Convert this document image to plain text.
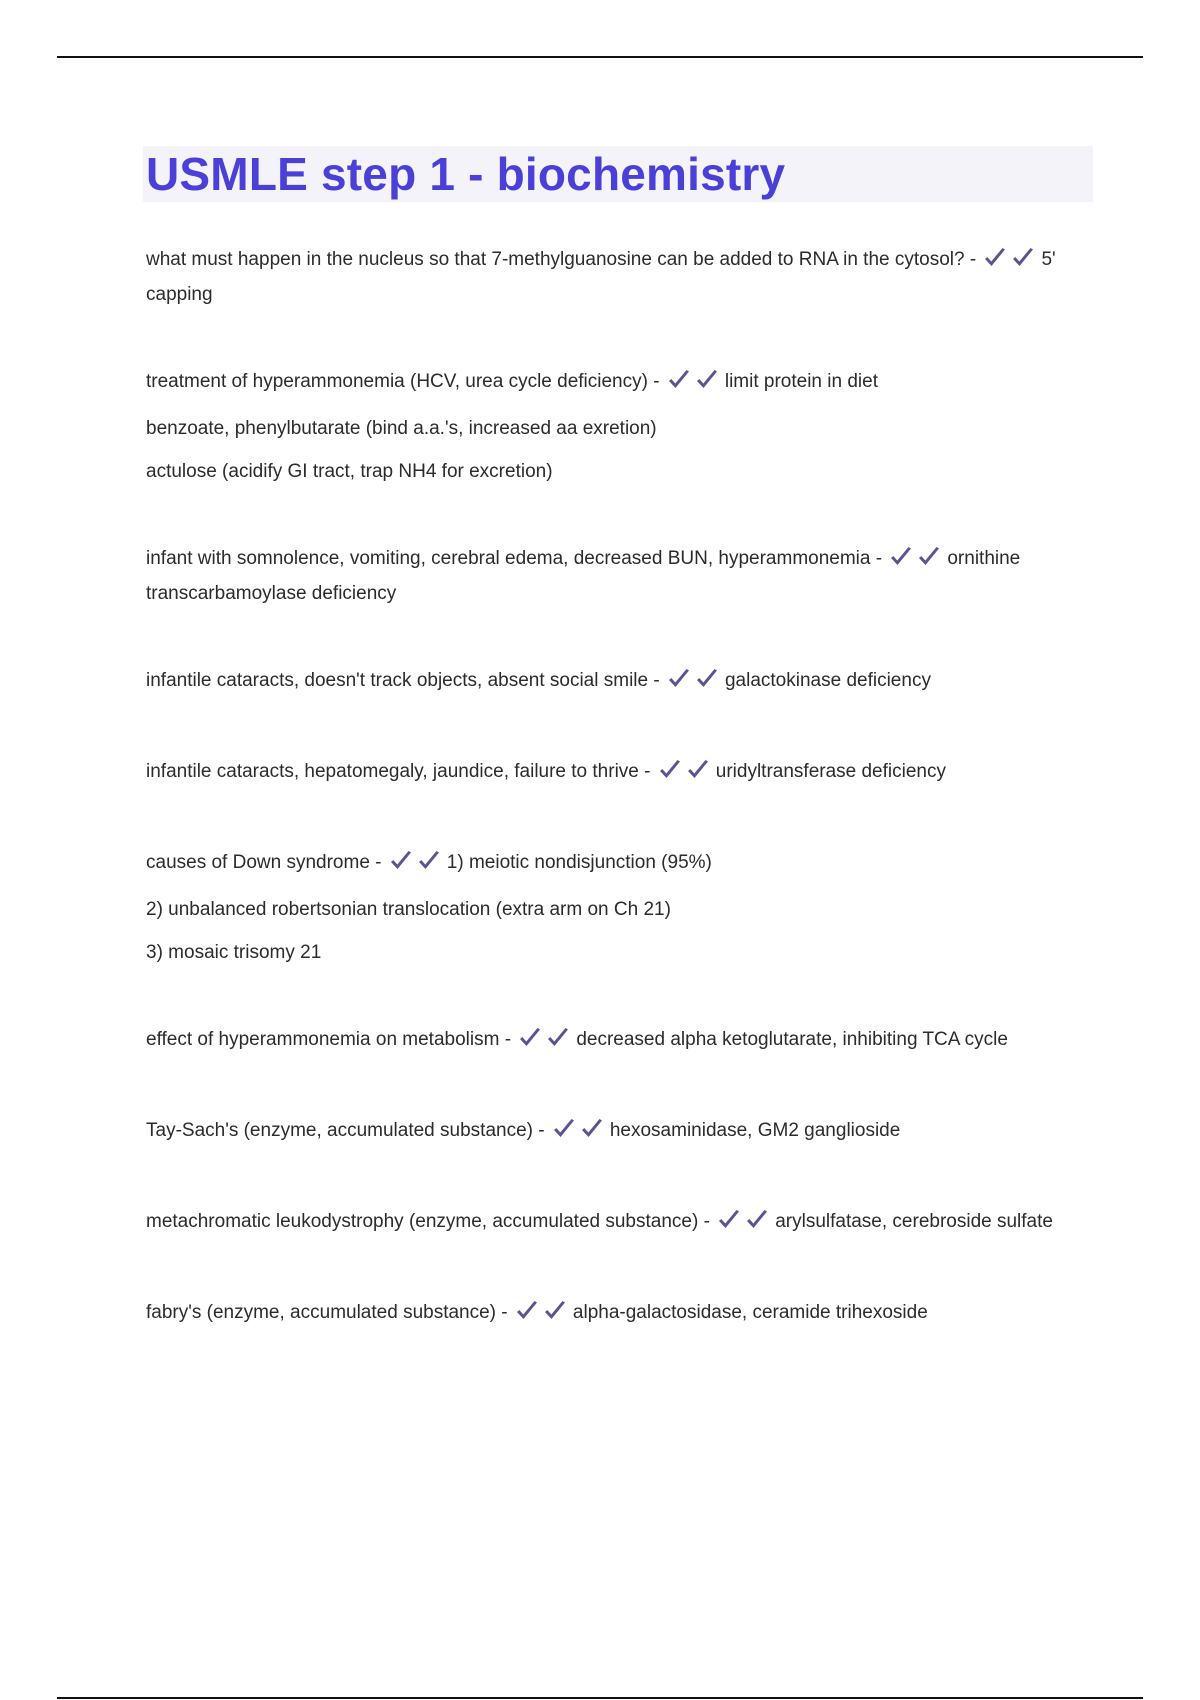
USMLE step 1 - biochemistry

what must happen in the nucleus so that 7-methylguanosine can be added to RNA in the cytosol? -	5' capping

treatment of hyperammonemia (HCV, urea cycle deficiency) -	limit protein in diet

benzoate, phenylbutarate (bind a.a.'s, increased aa exretion)

actulose (acidify GI tract, trap NH4 for excretion)

infant with somnolence, vomiting, cerebral edema, decreased BUN, hyperammonemia -	ornithine transcarbamoylase deficiency

infantile cataracts, doesn't track objects, absent social smile -	galactokinase deficiency

infantile cataracts, hepatomegaly, jaundice, failure to thrive -	uridyltransferase deficiency

causes of Down syndrome -	1) meiotic nondisjunction (95%)

2) unbalanced robertsonian translocation (extra arm on Ch 21)

3) mosaic trisomy 21

effect of hyperammonemia on metabolism -	decreased alpha ketoglutarate, inhibiting TCA cycle

Tay-Sach's (enzyme, accumulated substance) -	hexosaminidase, GM2 ganglioside

metachromatic leukodystrophy (enzyme, accumulated substance) -	arylsulfatase, cerebroside sulfate

fabry's (enzyme, accumulated substance) -	alpha-galactosidase, ceramide trihexoside
